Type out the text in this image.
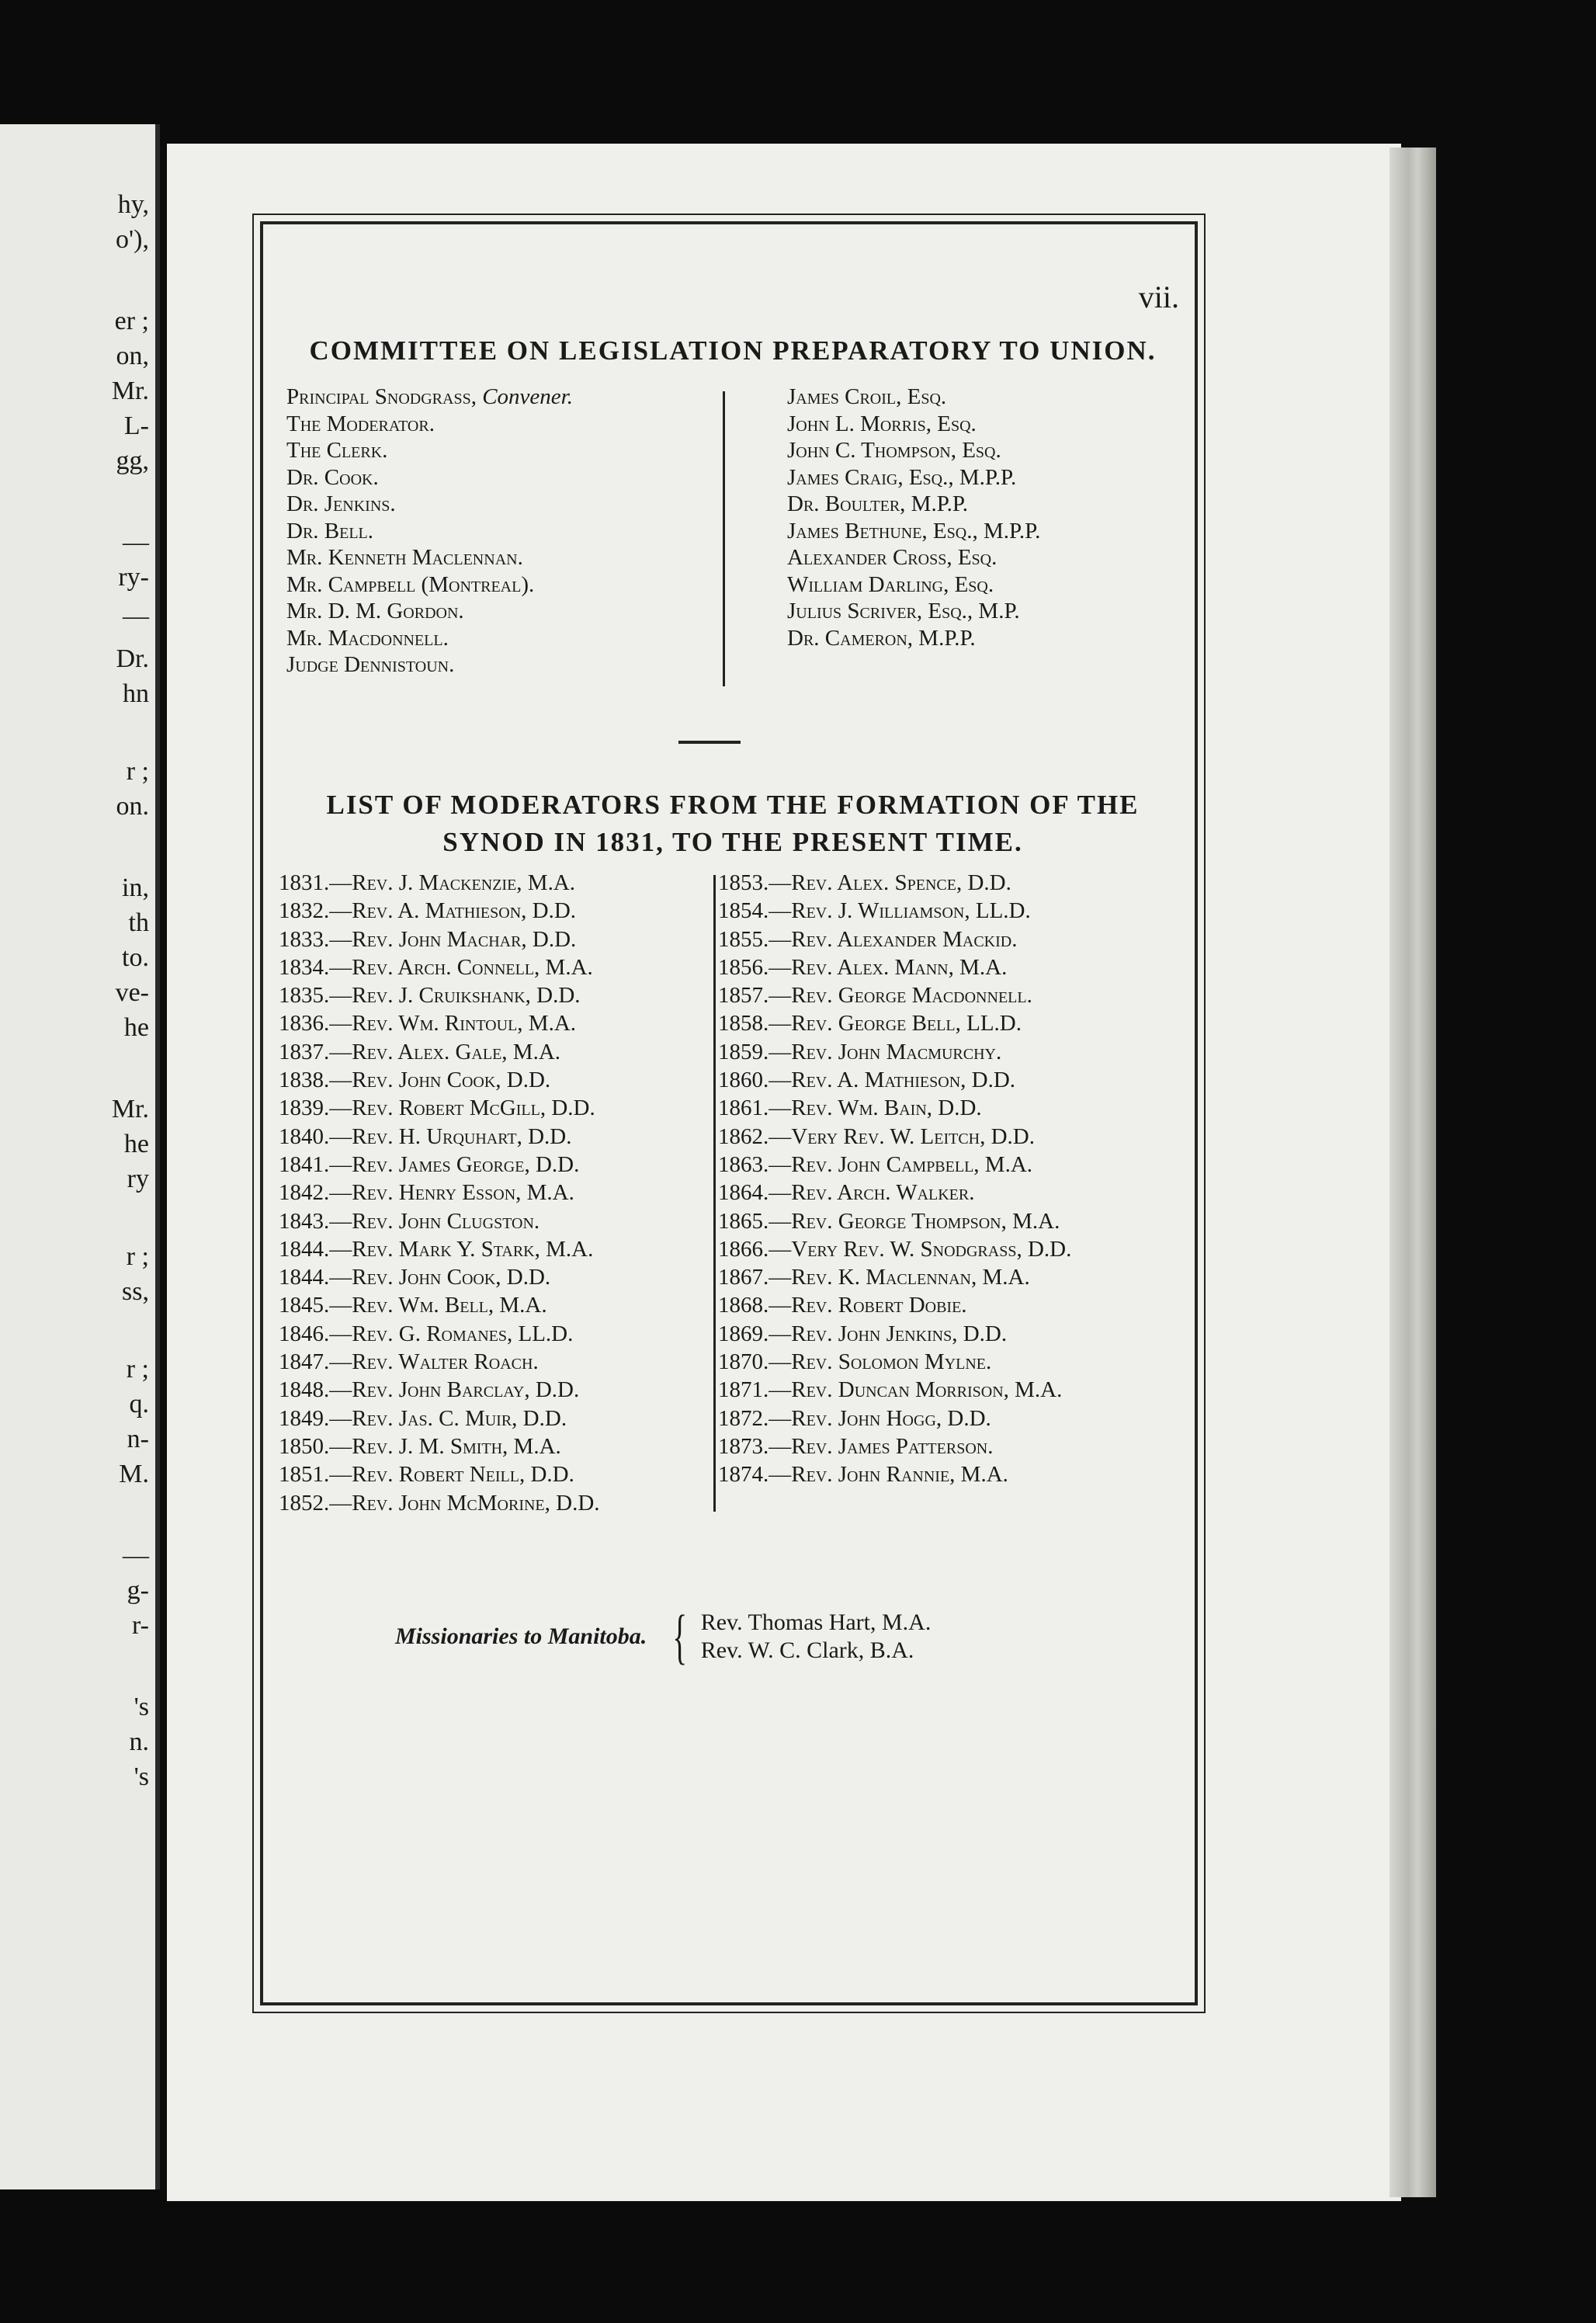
hy,
o'),
er ;
on,
Mr.
L-
gg,
—
ry-
—
Dr.
hn
r ;
on.
in,
th
to.
ve-
he
Mr.
he
ry
r ;
ss,
r ;
q.
n-
M.
—
g-
r-
's
n.
's
vii.
COMMITTEE ON LEGISLATION PREPARATORY TO UNION.
Principal Snodgrass, Convener.
The Moderator.
The Clerk.
Dr. Cook.
Dr. Jenkins.
Dr. Bell.
Mr. Kenneth Maclennan.
Mr. Campbell (Montreal).
Mr. D. M. Gordon.
Mr. Macdonnell.
Judge Dennistoun.
James Croil, Esq.
John L. Morris, Esq.
John C. Thompson, Esq.
James Craig, Esq., M.P.P.
Dr. Boulter, M.P.P.
James Bethune, Esq., M.P.P.
Alexander Cross, Esq.
William Darling, Esq.
Julius Scriver, Esq., M.P.
Dr. Cameron, M.P.P.
LIST OF MODERATORS FROM THE FORMATION OF THE
SYNOD IN 1831, TO THE PRESENT TIME.
1831.—Rev. J. Mackenzie, M.A.
1832.—Rev. A. Mathieson, D.D.
1833.—Rev. John Machar, D.D.
1834.—Rev. Arch. Connell, M.A.
1835.—Rev. J. Cruikshank, D.D.
1836.—Rev. Wm. Rintoul, M.A.
1837.—Rev. Alex. Gale, M.A.
1838.—Rev. John Cook, D.D.
1839.—Rev. Robert McGill, D.D.
1840.—Rev. H. Urquhart, D.D.
1841.—Rev. James George, D.D.
1842.—Rev. Henry Esson, M.A.
1843.—Rev. John Clugston.
1844.—Rev. Mark Y. Stark, M.A.
1844.—Rev. John Cook, D.D.
1845.—Rev. Wm. Bell, M.A.
1846.—Rev. G. Romanes, LL.D.
1847.—Rev. Walter Roach.
1848.—Rev. John Barclay, D.D.
1849.—Rev. Jas. C. Muir, D.D.
1850.—Rev. J. M. Smith, M.A.
1851.—Rev. Robert Neill, D.D.
1852.—Rev. John McMorine, D.D.
1853.—Rev. Alex. Spence, D.D.
1854.—Rev. J. Williamson, LL.D.
1855.—Rev. Alexander Mackid.
1856.—Rev. Alex. Mann, M.A.
1857.—Rev. George Macdonnell.
1858.—Rev. George Bell, LL.D.
1859.—Rev. John Macmurchy.
1860.—Rev. A. Mathieson, D.D.
1861.—Rev. Wm. Bain, D.D.
1862.—Very Rev. W. Leitch, D.D.
1863.—Rev. John Campbell, M.A.
1864.—Rev. Arch. Walker.
1865.—Rev. George Thompson, M.A.
1866.—Very Rev. W. Snodgrass, D.D.
1867.—Rev. K. Maclennan, M.A.
1868.—Rev. Robert Dobie.
1869.—Rev. John Jenkins, D.D.
1870.—Rev. Solomon Mylne.
1871.—Rev. Duncan Morrison, M.A.
1872.—Rev. John Hogg, D.D.
1873.—Rev. James Patterson.
1874.—Rev. John Rannie, M.A.
Missionaries to Manitoba. { Rev. Thomas Hart, M.A.
Rev. W. C. Clark, B.A.
